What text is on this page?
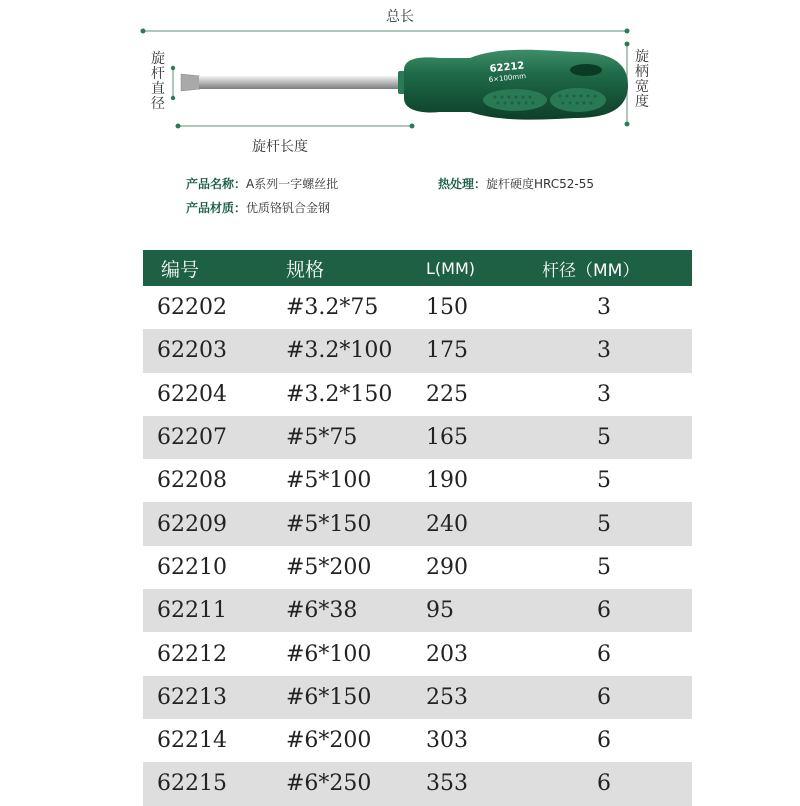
62212
6×100mm
总长
旋杆直径
旋柄宽度
旋杆长度
产品名称：A系列一字螺丝批
产品材质：优质铬钒合金钢
热处理：旋杆硬度HRC52-55
编号	规格	L(MM)	杆径（MM）
62202	#3.2*75	150	3
62203	#3.2*100	175	3
62204	#3.2*150	225	3
62207	#5*75	165	5
62208	#5*100	190	5
62209	#5*150	240	5
62210	#5*200	290	5
62211	#6*38	95	6
62212	#6*100	203	6
62213	#6*150	253	6
62214	#6*200	303	6
62215	#6*250	353	6
